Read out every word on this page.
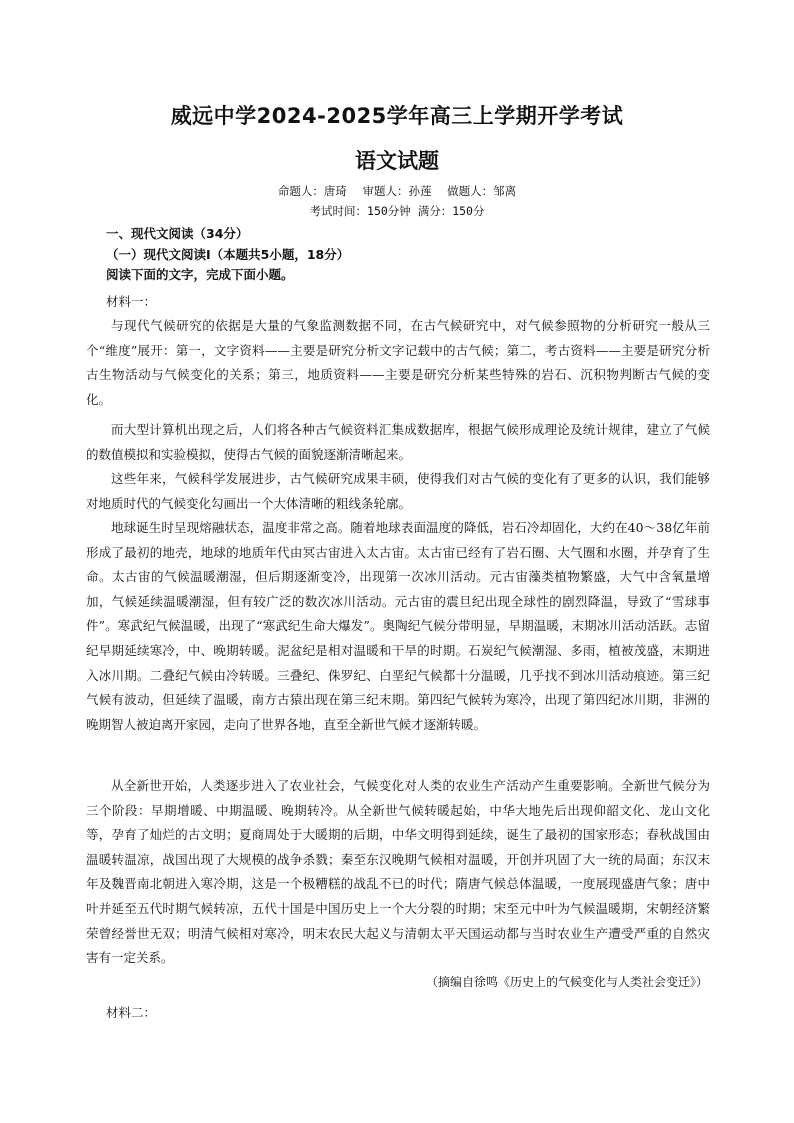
威远中学2024-2025学年高三上学期开学考试
语文试题
命题人：唐琦 审题人：孙莲 做题人：邹离
考试时间：150分钟 满分：150分
一、现代文阅读（34分）
（一）现代文阅读Ⅰ（本题共5小题，18分）
阅读下面的文字，完成下面小题。
材料一：

与现代气候研究的依据是大量的气象监测数据不同，在古气候研究中，对气候参照物的分析研究一般从三个“维度”展开：第一，文字资料——主要是研究分析文字记载中的古气候；第二，考古资料——主要是研究分析古生物活动与气候变化的关系；第三，地质资料——主要是研究分析某些特殊的岩石、沉积物判断古气候的变化。

而大型计算机出现之后，人们将各种古气候资料汇集成数据库，根据气候形成理论及统计规律，建立了气候的数值模拟和实验模拟，使得古气候的面貌逐渐清晰起来。

这些年来，气候科学发展进步，古气候研究成果丰硕，使得我们对古气候的变化有了更多的认识，我们能够对地质时代的气候变化勾画出一个大体清晰的粗线条轮廓。

地球诞生时呈现熔融状态，温度非常之高。随着地球表面温度的降低，岩石冷却固化，大约在40～38亿年前形成了最初的地壳，地球的地质年代由冥古宙进入太古宙。太古宙已经有了岩石圈、大气圈和水圈，并孕育了生命。太古宙的气候温暖潮湿，但后期逐渐变冷，出现第一次冰川活动。元古宙藻类植物繁盛，大气中含氧量增加，气候延续温暖潮湿，但有较广泛的数次冰川活动。元古宙的震旦纪出现全球性的剧烈降温，导致了“雪球事件”。寒武纪气候温暖，出现了“寒武纪生命大爆发”。奥陶纪气候分带明显，早期温暖，末期冰川活动活跃。志留纪早期延续寒冷，中、晚期转暖。泥盆纪是相对温暖和干旱的时期。石炭纪气候潮湿、多雨，植被茂盛，末期进入冰川期。二叠纪气候由冷转暖。三叠纪、侏罗纪、白垩纪气候都十分温暖，几乎找不到冰川活动痕迹。第三纪气候有波动，但延续了温暖，南方古猿出现在第三纪末期。第四纪气候转为寒冷，出现了第四纪冰川期，非洲的晚期智人被迫离开家园，走向了世界各地，直至全新世气候才逐渐转暖。

从全新世开始，人类逐步进入了农业社会，气候变化对人类的农业生产活动产生重要影响。全新世气候分为三个阶段：早期增暖、中期温暖、晚期转冷。从全新世气候转暖起始，中华大地先后出现仰韶文化、龙山文化等，孕育了灿烂的古文明；夏商周处于大暖期的后期，中华文明得到延续，诞生了最初的国家形态；春秋战国由温暖转温凉，战国出现了大规模的战争杀戮；秦至东汉晚期气候相对温暖，开创并巩固了大一统的局面；东汉末年及魏晋南北朝进入寒冷期，这是一个极糟糕的战乱不已的时代；隋唐气候总体温暖，一度展现盛唐气象；唐中叶并延至五代时期气候转凉，五代十国是中国历史上一个大分裂的时期；宋至元中叶为气候温暖期，宋朝经济繁荣曾经誉世无双；明清气候相对寒冷，明末农民大起义与清朝太平天国运动都与当时农业生产遭受严重的自然灾害有一定关系。

（摘编自徐鸣《历史上的气候变化与人类社会变迁》）
材料二：
